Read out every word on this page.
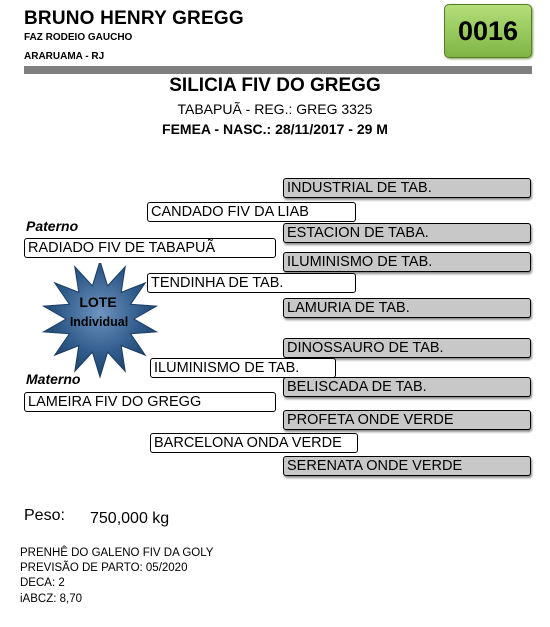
BRUNO HENRY GREGG
FAZ RODEIO GAUCHO
ARARUAMA - RJ
0016
SILICIA FIV DO GREGG
TABAPUÃ - REG.: GREG 3325
FEMEA - NASC.: 28/11/2017 - 29 M
INDUSTRIAL DE TAB.
CANDADO FIV DA LIAB
ESTACION DE TABA.
Paterno
RADIADO FIV DE TABAPUÃ
ILUMINISMO DE TAB.
TENDINHA DE TAB.
LAMURIA DE TAB.
DINOSSAURO DE TAB.
ILUMINISMO DE TAB.
Materno	BELISCADA DE TAB.
LAMEIRA FIV DO GREGG
PROFETA ONDE VERDE
BARCELONA ONDA VERDE
SERENATA ONDE VERDE
LOTE
Individual
Peso: 750,000 kg
PRENHÊ DO GALENO FIV DA GOLY
PREVISÃO DE PARTO: 05/2020
DECA: 2
iABCZ: 8,70
